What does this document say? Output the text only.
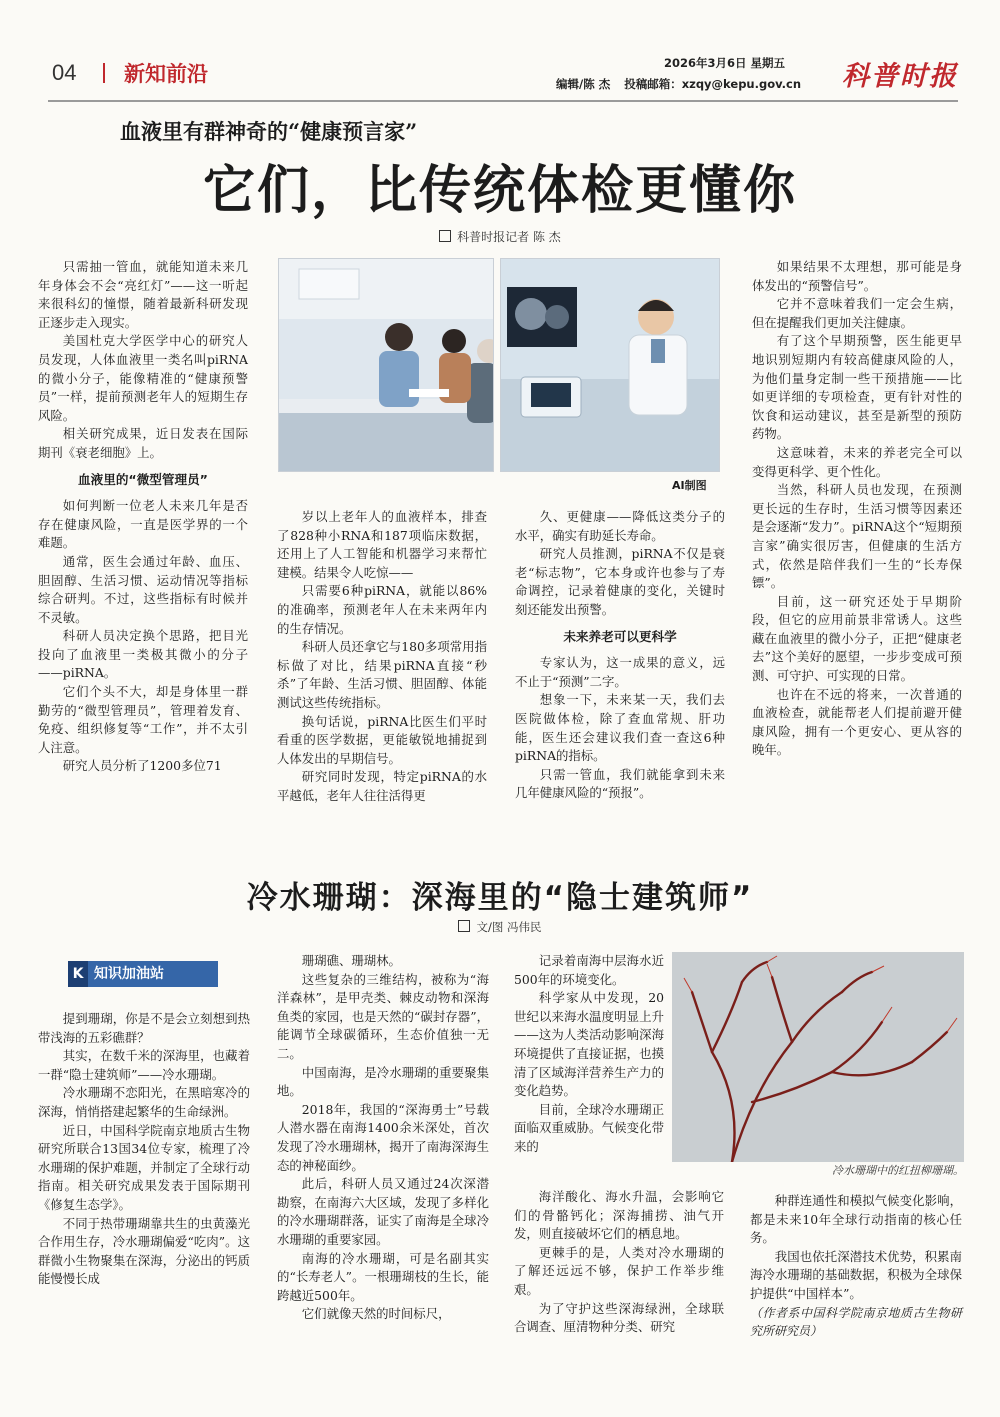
04 新知前沿	2026年3月6日 星期五
编辑/陈 杰 投稿邮箱：xzqy@kepu.gov.cn	科普时报
血液里有群神奇的“健康预言家”
它们，比传统体检更懂你
科普时报记者 陈 杰

只需抽一管血，就能知道未来几年身体会不会“亮红灯”——这一听起来很科幻的憧憬，随着最新科研发现正逐步走入现实。

美国杜克大学医学中心的研究人员发现，人体血液里一类名叫piRNA的微小分子，能像精准的“健康预警员”一样，提前预测老年人的短期生存风险。

相关研究成果，近日发表在国际期刊《衰老细胞》上。

血液里的“微型管理员”

如何判断一位老人未来几年是否存在健康风险，一直是医学界的一个难题。

通常，医生会通过年龄、血压、胆固醇、生活习惯、运动情况等指标综合研判。不过，这些指标有时候并不灵敏。

科研人员决定换个思路，把目光投向了血液里一类极其微小的分子——piRNA。

它们个头不大，却是身体里一群勤劳的“微型管理员”，管理着发育、免疫、组织修复等“工作”，并不太引人注意。

研究人员分析了1200多位71

AI制图

岁以上老年人的血液样本，排查了828种小RNA和187项临床数据，还用上了人工智能和机器学习来帮忙建模。结果令人吃惊——

只需要6种piRNA，就能以86%的准确率，预测老年人在未来两年内的生存情况。

科研人员还拿它与180多项常用指标做了对比，结果piRNA直接“秒杀”了年龄、生活习惯、胆固醇、体能测试这些传统指标。

换句话说，piRNA比医生们平时看重的医学数据，更能敏锐地捕捉到人体发出的早期信号。

研究同时发现，特定piRNA的水平越低，老年人往往活得更

久、更健康——降低这类分子的水平，确实有助延长寿命。

研究人员推测，piRNA不仅是衰老“标志物”，它本身或许也参与了寿命调控，记录着健康的变化，关键时刻还能发出预警。

未来养老可以更科学

专家认为，这一成果的意义，远不止于“预测”二字。

想象一下，未来某一天，我们去医院做体检，除了查血常规、肝功能，医生还会建议我们查一查这6种piRNA的指标。

只需一管血，我们就能拿到未来几年健康风险的“预报”。

如果结果不太理想，那可能是身体发出的“预警信号”。

它并不意味着我们一定会生病，但在提醒我们更加关注健康。

有了这个早期预警，医生能更早地识别短期内有较高健康风险的人，为他们量身定制一些干预措施——比如更详细的专项检查，更有针对性的饮食和运动建议，甚至是新型的预防药物。

这意味着，未来的养老完全可以变得更科学、更个性化。

当然，科研人员也发现，在预测更长远的生存时，生活习惯等因素还是会逐渐“发力”。piRNA这个“短期预言家”确实很厉害，但健康的生活方式，依然是陪伴我们一生的“长寿保镖”。

目前，这一研究还处于早期阶段，但它的应用前景非常诱人。这些藏在血液里的微小分子，正把“健康老去”这个美好的愿望，一步步变成可预测、可守护、可实现的日常。

也许在不远的将来，一次普通的血液检查，就能帮老人们提前避开健康风险，拥有一个更安心、更从容的晚年。

冷水珊瑚：深海里的“隐士建筑师”
文/图 冯伟民
K 知识加油站

提到珊瑚，你是不是会立刻想到热带浅海的五彩礁群？

其实，在数千米的深海里，也藏着一群“隐士建筑师”——冷水珊瑚。

冷水珊瑚不恋阳光，在黑暗寒冷的深海，悄悄搭建起繁华的生命绿洲。

近日，中国科学院南京地质古生物研究所联合13国34位专家，梳理了冷水珊瑚的保护难题，并制定了全球行动指南。相关研究成果发表于国际期刊《修复生态学》。

不同于热带珊瑚靠共生的虫黄藻光合作用生存，冷水珊瑚偏爱“吃肉”。这群微小生物聚集在深海，分泌出的钙质能慢慢长成

珊瑚礁、珊瑚林。

这些复杂的三维结构，被称为“海洋森林”，是甲壳类、棘皮动物和深海鱼类的家园，也是天然的“碳封存器”，能调节全球碳循环，生态价值独一无二。

中国南海，是冷水珊瑚的重要聚集地。

2018年，我国的“深海勇士”号载人潜水器在南海1400余米深处，首次发现了冷水珊瑚林，揭开了南海深海生态的神秘面纱。

此后，科研人员又通过24次深潜勘察，在南海六大区域，发现了多样化的冷水珊瑚群落，证实了南海是全球冷水珊瑚的重要家园。

南海的冷水珊瑚，可是名副其实的“长寿老人”。一根珊瑚枝的生长，能跨越近500年。

它们就像天然的时间标尺，

冷水珊瑚中的红扭柳珊瑚。

记录着南海中层海水近500年的环境变化。

科学家从中发现，20世纪以来海水温度明显上升——这为人类活动影响深海环境提供了直接证据，也摸清了区域海洋营养生产力的变化趋势。

目前，全球冷水珊瑚正面临双重威胁。气候变化带来的

海洋酸化、海水升温，会影响它们的骨骼钙化；深海捕捞、油气开发，则直接破坏它们的栖息地。

更棘手的是，人类对冷水珊瑚的了解还远远不够，保护工作举步维艰。

为了守护这些深海绿洲，全球联合调查、厘清物种分类、研究

种群连通性和模拟气候变化影响，都是未来10年全球行动指南的核心任务。

我国也依托深潜技术优势，积累南海冷水珊瑚的基础数据，积极为全球保护提供“中国样本”。

（作者系中国科学院南京地质古生物研究所研究员）
